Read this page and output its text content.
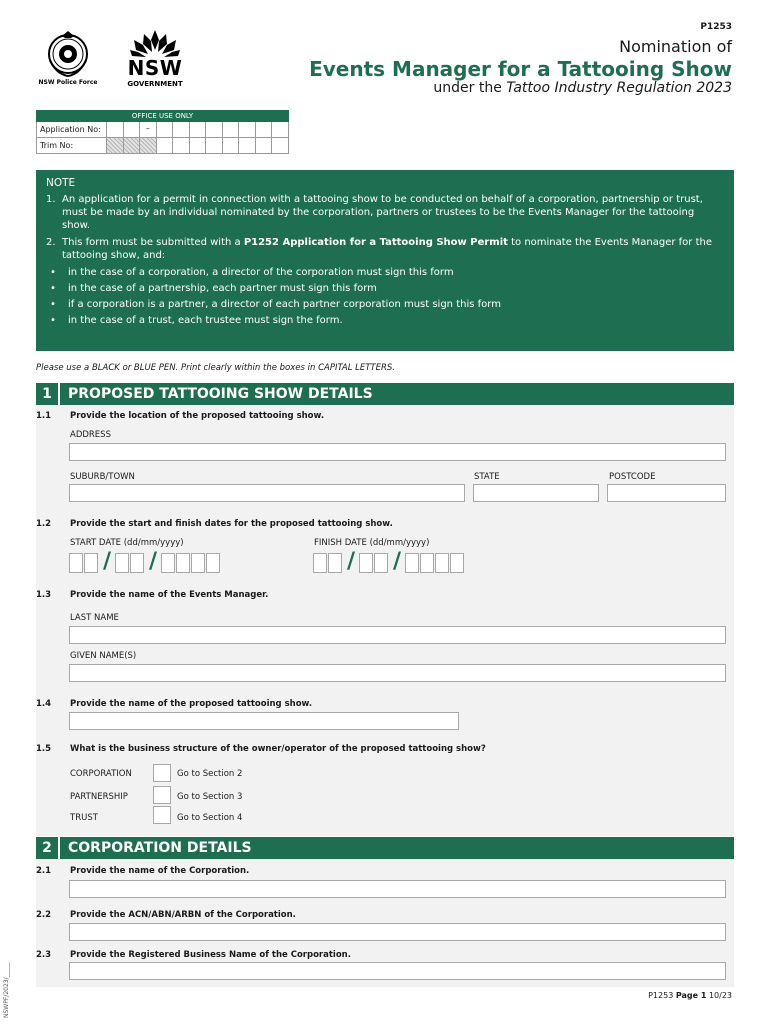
NSW Police Force
NSW
GOVERNMENT
P1253
Nomination of
Events Manager for a Tattooing Show
under the Tattoo Industry Regulation 2023
OFFICE USE ONLY
Application No:	–
Trim No:
NOTE
1. An application for a permit in connection with a tattooing show to be conducted on behalf of a corporation, partnership or trust, must be made by an individual nominated by the corporation, partners or trustees to be the Events Manager for the tattooing show.
2. This form must be submitted with a P1252 Application for a Tattooing Show Permit to nominate the Events Manager for the tattooing show, and:
•	in the case of a corporation, a director of the corporation must sign this form
•	in the case of a partnership, each partner must sign this form
•	if a corporation is a partner, a director of each partner corporation must sign this form
•	in the case of a trust, each trustee must sign the form.
Please use a BLACK or BLUE PEN. Print clearly within the boxes in CAPITAL LETTERS.
1	PROPOSED TATTOOING SHOW DETAILS
1.1 Provide the location of the proposed tattooing show.
ADDRESS
SUBURB/TOWN	STATE	POSTCODE
1.2 Provide the start and finish dates for the proposed tattooing show.
START DATE (dd/mm/yyyy)	FINISH DATE (dd/mm/yyyy)
/ /	/ /
1.3 Provide the name of the Events Manager.
LAST NAME
GIVEN NAME(S)
1.4 Provide the name of the proposed tattooing show.
1.5 What is the business structure of the owner/operator of the proposed tattooing show?
CORPORATION	Go to Section 2
PARTNERSHIP	Go to Section 3
TRUST	Go to Section 4
2	CORPORATION DETAILS
2.1 Provide the name of the Corporation.
2.2 Provide the ACN/ABN/ARBN of the Corporation.
2.3 Provide the Registered Business Name of the Corporation.
NSWPF/2023/_____	P1253 Page 1 10/23
